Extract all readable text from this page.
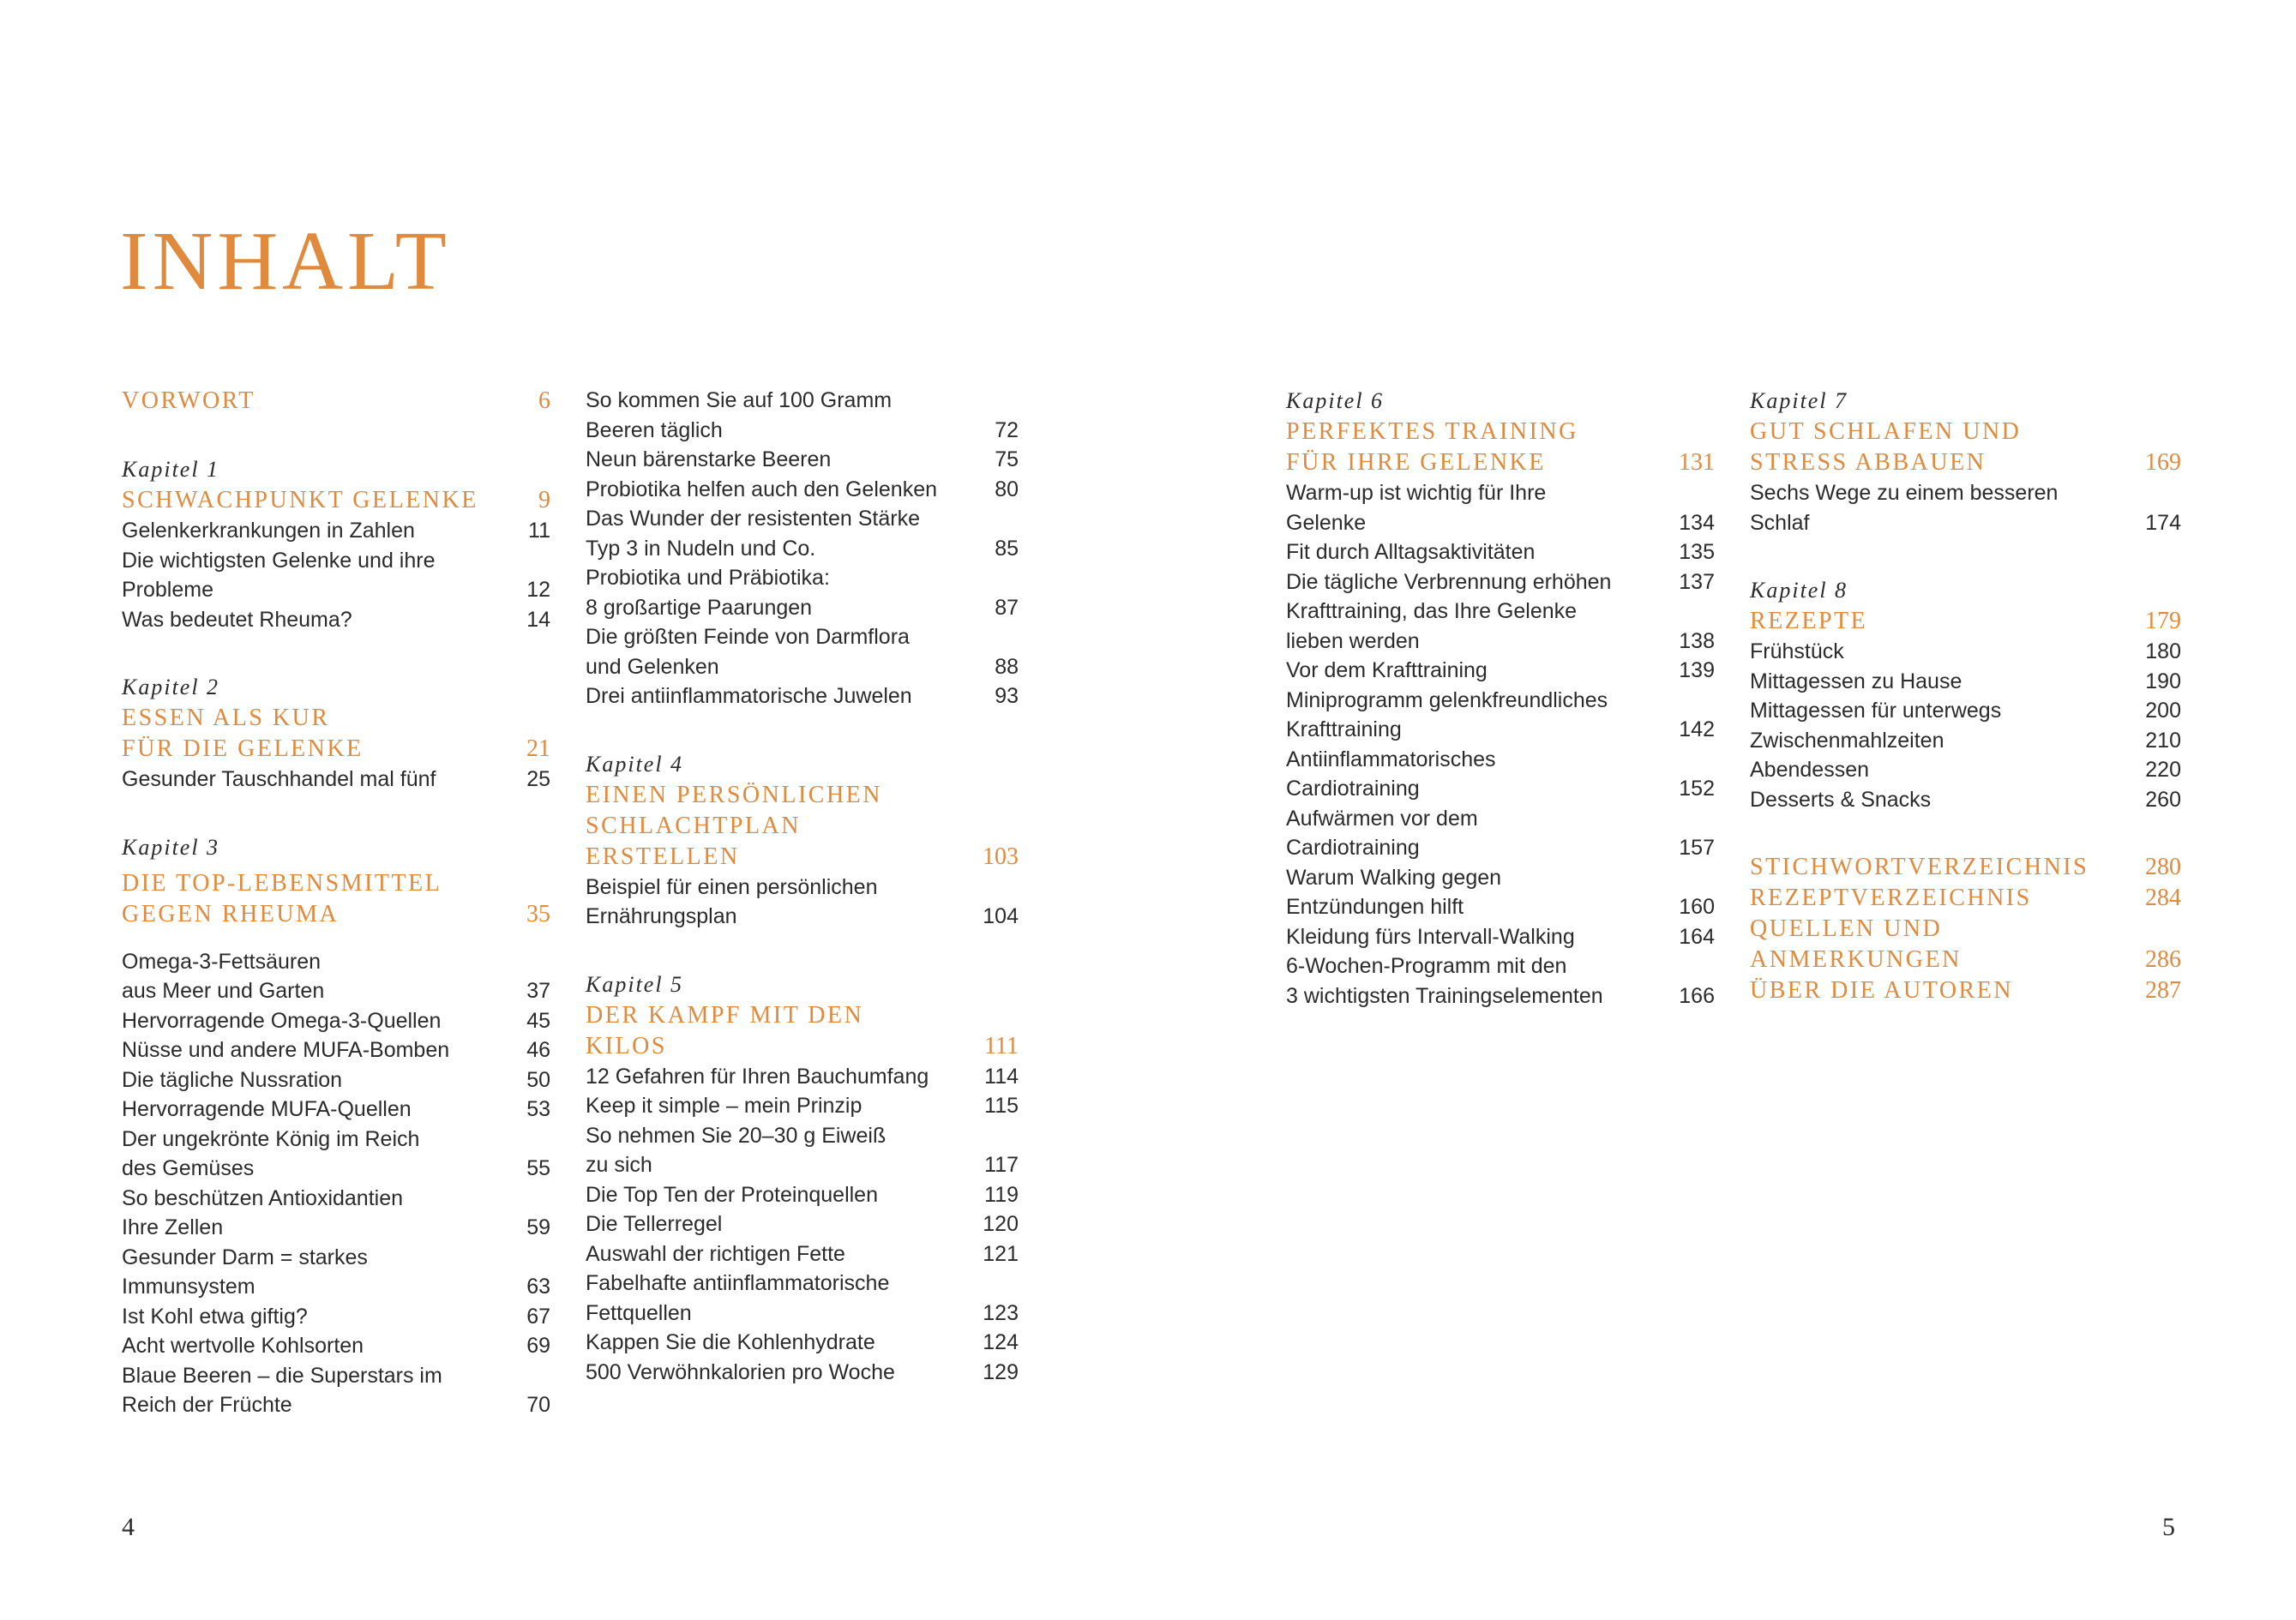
INHALT
VORWORT	6
Kapitel 1
SCHWACHPUNKT GELENKE	9
Gelenkerkrankungen in Zahlen	11
Die wichtigsten Gelenke und ihre
Probleme	12
Was bedeutet Rheuma?	14
Kapitel 2
ESSEN ALS KUR
FÜR DIE GELENKE	21
Gesunder Tauschhandel mal fünf	25
Kapitel 3
DIE TOP-LEBENSMITTEL
GEGEN RHEUMA	35
Omega-3-Fettsäuren
aus Meer und Garten	37
Hervorragende Omega-3-Quellen	45
Nüsse und andere MUFA-Bomben	46
Die tägliche Nussration	50
Hervorragende MUFA-Quellen	53
Der ungekrönte König im Reich
des Gemüses	55
So beschützen Antioxidantien
Ihre Zellen	59
Gesunder Darm = starkes
Immunsystem	63
Ist Kohl etwa giftig?	67
Acht wertvolle Kohlsorten	69
Blaue Beeren – die Superstars im
Reich der Früchte	70
So kommen Sie auf 100 Gramm
Beeren täglich	72
Neun bärenstarke Beeren	75
Probiotika helfen auch den Gelenken	80
Das Wunder der resistenten Stärke
Typ 3 in Nudeln und Co.	85
Probiotika und Präbiotika:
8 großartige Paarungen	87
Die größten Feinde von Darmflora
und Gelenken	88
Drei antiinflammatorische Juwelen	93
Kapitel 4
EINEN PERSÖNLICHEN
SCHLACHTPLAN
ERSTELLEN	103
Beispiel für einen persönlichen
Ernährungsplan	104
Kapitel 5
DER KAMPF MIT DEN
KILOS	111
12 Gefahren für Ihren Bauchumfang	114
Keep it simple – mein Prinzip	115
So nehmen Sie 20–30 g Eiweiß
zu sich	117
Die Top Ten der Proteinquellen	119
Die Tellerregel	120
Auswahl der richtigen Fette	121
Fabelhafte antiinflammatorische
Fettquellen	123
Kappen Sie die Kohlenhydrate	124
500 Verwöhnkalorien pro Woche	129
Kapitel 6
PERFEKTES TRAINING
FÜR IHRE GELENKE	131
Warm-up ist wichtig für Ihre
Gelenke	134
Fit durch Alltagsaktivitäten	135
Die tägliche Verbrennung erhöhen	137
Krafttraining, das Ihre Gelenke
lieben werden	138
Vor dem Krafttraining	139
Miniprogramm gelenkfreundliches
Krafttraining	142
Antiinflammatorisches
Cardiotraining	152
Aufwärmen vor dem
Cardiotraining	157
Warum Walking gegen
Entzündungen hilft	160
Kleidung fürs Intervall-Walking	164
6-Wochen-Programm mit den
3 wichtigsten Trainingselementen	166
Kapitel 7
GUT SCHLAFEN UND
STRESS ABBAUEN	169
Sechs Wege zu einem besseren
Schlaf	174
Kapitel 8
REZEPTE	179
Frühstück	180
Mittagessen zu Hause	190
Mittagessen für unterwegs	200
Zwischenmahlzeiten	210
Abendessen	220
Desserts & Snacks	260
STICHWORTVERZEICHNIS 280
REZEPTVERZEICHNIS	284
QUELLEN UND
ANMERKUNGEN	286
ÜBER DIE AUTOREN	287
4	5
